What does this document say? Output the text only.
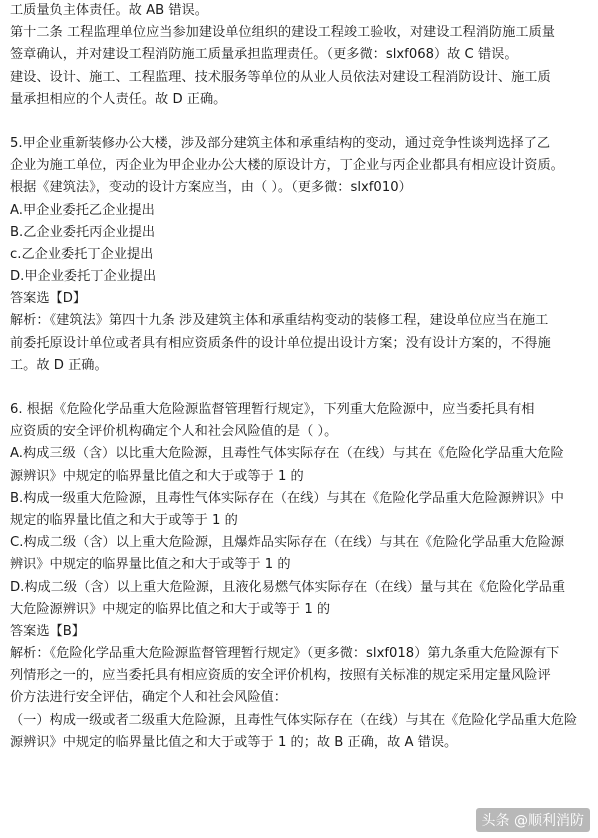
工质量负主体责任。故 AB 错误。
第十二条 工程监理单位应当参加建设单位组织的建设工程竣工验收，对建设工程消防施工质量
签章确认，并对建设工程消防施工质量承担监理责任。（更多微：slxf068）故 C 错误。
建设、设计、施工、工程监理、技术服务等单位的从业人员依法对建设工程消防设计、施工质
量承担相应的个人责任。故 D 正确。
5.甲企业重新装修办公大楼，涉及部分建筑主体和承重结构的变动，通过竞争性谈判选择了乙
企业为施工单位，丙企业为甲企业办公大楼的原设计方，丁企业与丙企业都具有相应设计资质。
根据《建筑法》，变动的设计方案应当，由（ ）。（更多微：slxf010）
A.甲企业委托乙企业提出
B.乙企业委托丙企业提出
c.乙企业委托丁企业提出
D.甲企业委托丁企业提出
答案选【D】
解析：《建筑法》第四十九条 涉及建筑主体和承重结构变动的装修工程，建设单位应当在施工
前委托原设计单位或者具有相应资质条件的设计单位提出设计方案；没有设计方案的，不得施
工。故 D 正确。
6. 根据《危险化学品重大危险源监督管理暂行规定》，下列重大危险源中，应当委托具有相
应资质的安全评价机构确定个人和社会风险值的是（ ）。
A.构成三级（含）以比重大危险源，且毒性气体实际存在（在线）与其在《危险化学品重大危险
源辨识》中规定的临界量比值之和大于或等于 1 的
B.构成一级重大危险源，且毒性气体实际存在（在线）与其在《危险化学品重大危险源辨识》中
规定的临界量比值之和大于或等于 1 的
C.构成二级（含）以上重大危险源，且爆炸品实际存在（在线）与其在《危险化学品重大危险源
辨识》中规定的临界量比值之和大于或等于 1 的
D.构成二级（含）以上重大危险源，且液化易燃气体实际存在（在线）量与其在《危险化学品重
大危险源辨识》中规定的临界比值之和大于或等于 1 的
答案选【B】
解析：《危险化学品重大危险源监督管理暂行规定》（更多微：slxf018）第九条重大危险源有下
列情形之一的，应当委托具有相应资质的安全评价机构，按照有关标准的规定采用定量风险评
价方法进行安全评估，确定个人和社会风险值：
（一）构成一级或者二级重大危险源，且毒性气体实际存在（在线）与其在《危险化学品重大危险
源辨识》中规定的临界量比值之和大于或等于 1 的；故 B 正确，故 A 错误。
头条 @顺利消防
